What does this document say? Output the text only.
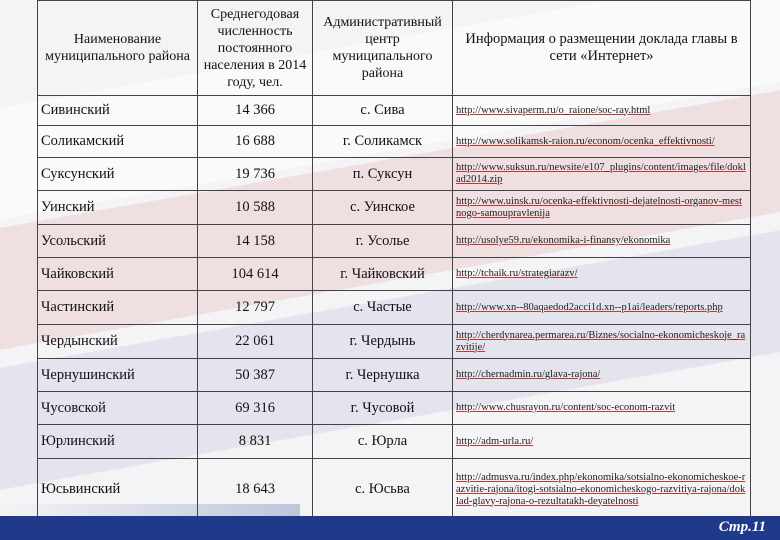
Наименование муниципального района	Среднегодовая численность постоянного населения в 2014 году, чел.	Административный центр муниципального района	Информация о размещении доклада главы в сети «Интернет»
Сивинский	14 366	с. Сива	http://www.sivaperm.ru/o_raione/soc-ray.html
Соликамский	16 688	г. Соликамск	http://www.solikamsk-raion.ru/econom/ocenka_effektivnosti/
Суксунский	19 736	п. Суксун	http://www.suksun.ru/newsite/e107_plugins/content/images/file/doklad2014.zip
Уинский	10 588	с. Уинское	http://www.uinsk.ru/ocenka-effektivnosti-dejatelnosti-organov-mestnogo-samoupravlenija
Усольский	14 158	г. Усолье	http://usolye59.ru/ekonomika-i-finansy/ekonomika
Чайковский	104 614	г. Чайковский	http://tchaik.ru/strategiarazv/
Частинский	12 797	с. Частые	http://www.xn--80aqaedod2acci1d.xn--p1ai/leaders/reports.php
Чердынский	22 061	г. Чердынь	http://cherdynarea.permarea.ru/Biznes/socialno-ekonomicheskoje_razvitije/
Чернушинский	50 387	г. Чернушка	http://chernadmin.ru/glava-rajona/
Чусовской	69 316	г. Чусовой	http://www.chusrayon.ru/content/soc-econom-razvit
Юрлинский	8 831	с. Юрла	http://adm-urla.ru/
Юсьвинский	18 643	с. Юсьва	http://admusva.ru/index.php/ekonomika/sotsialno-ekonomicheskoe-razvitie-rajona/itogi-sotsialno-ekonomicheskogo-razvitiya-rajona/doklad-glavy-rajona-o-rezultatakh-deyatelnosti
Стр.11
